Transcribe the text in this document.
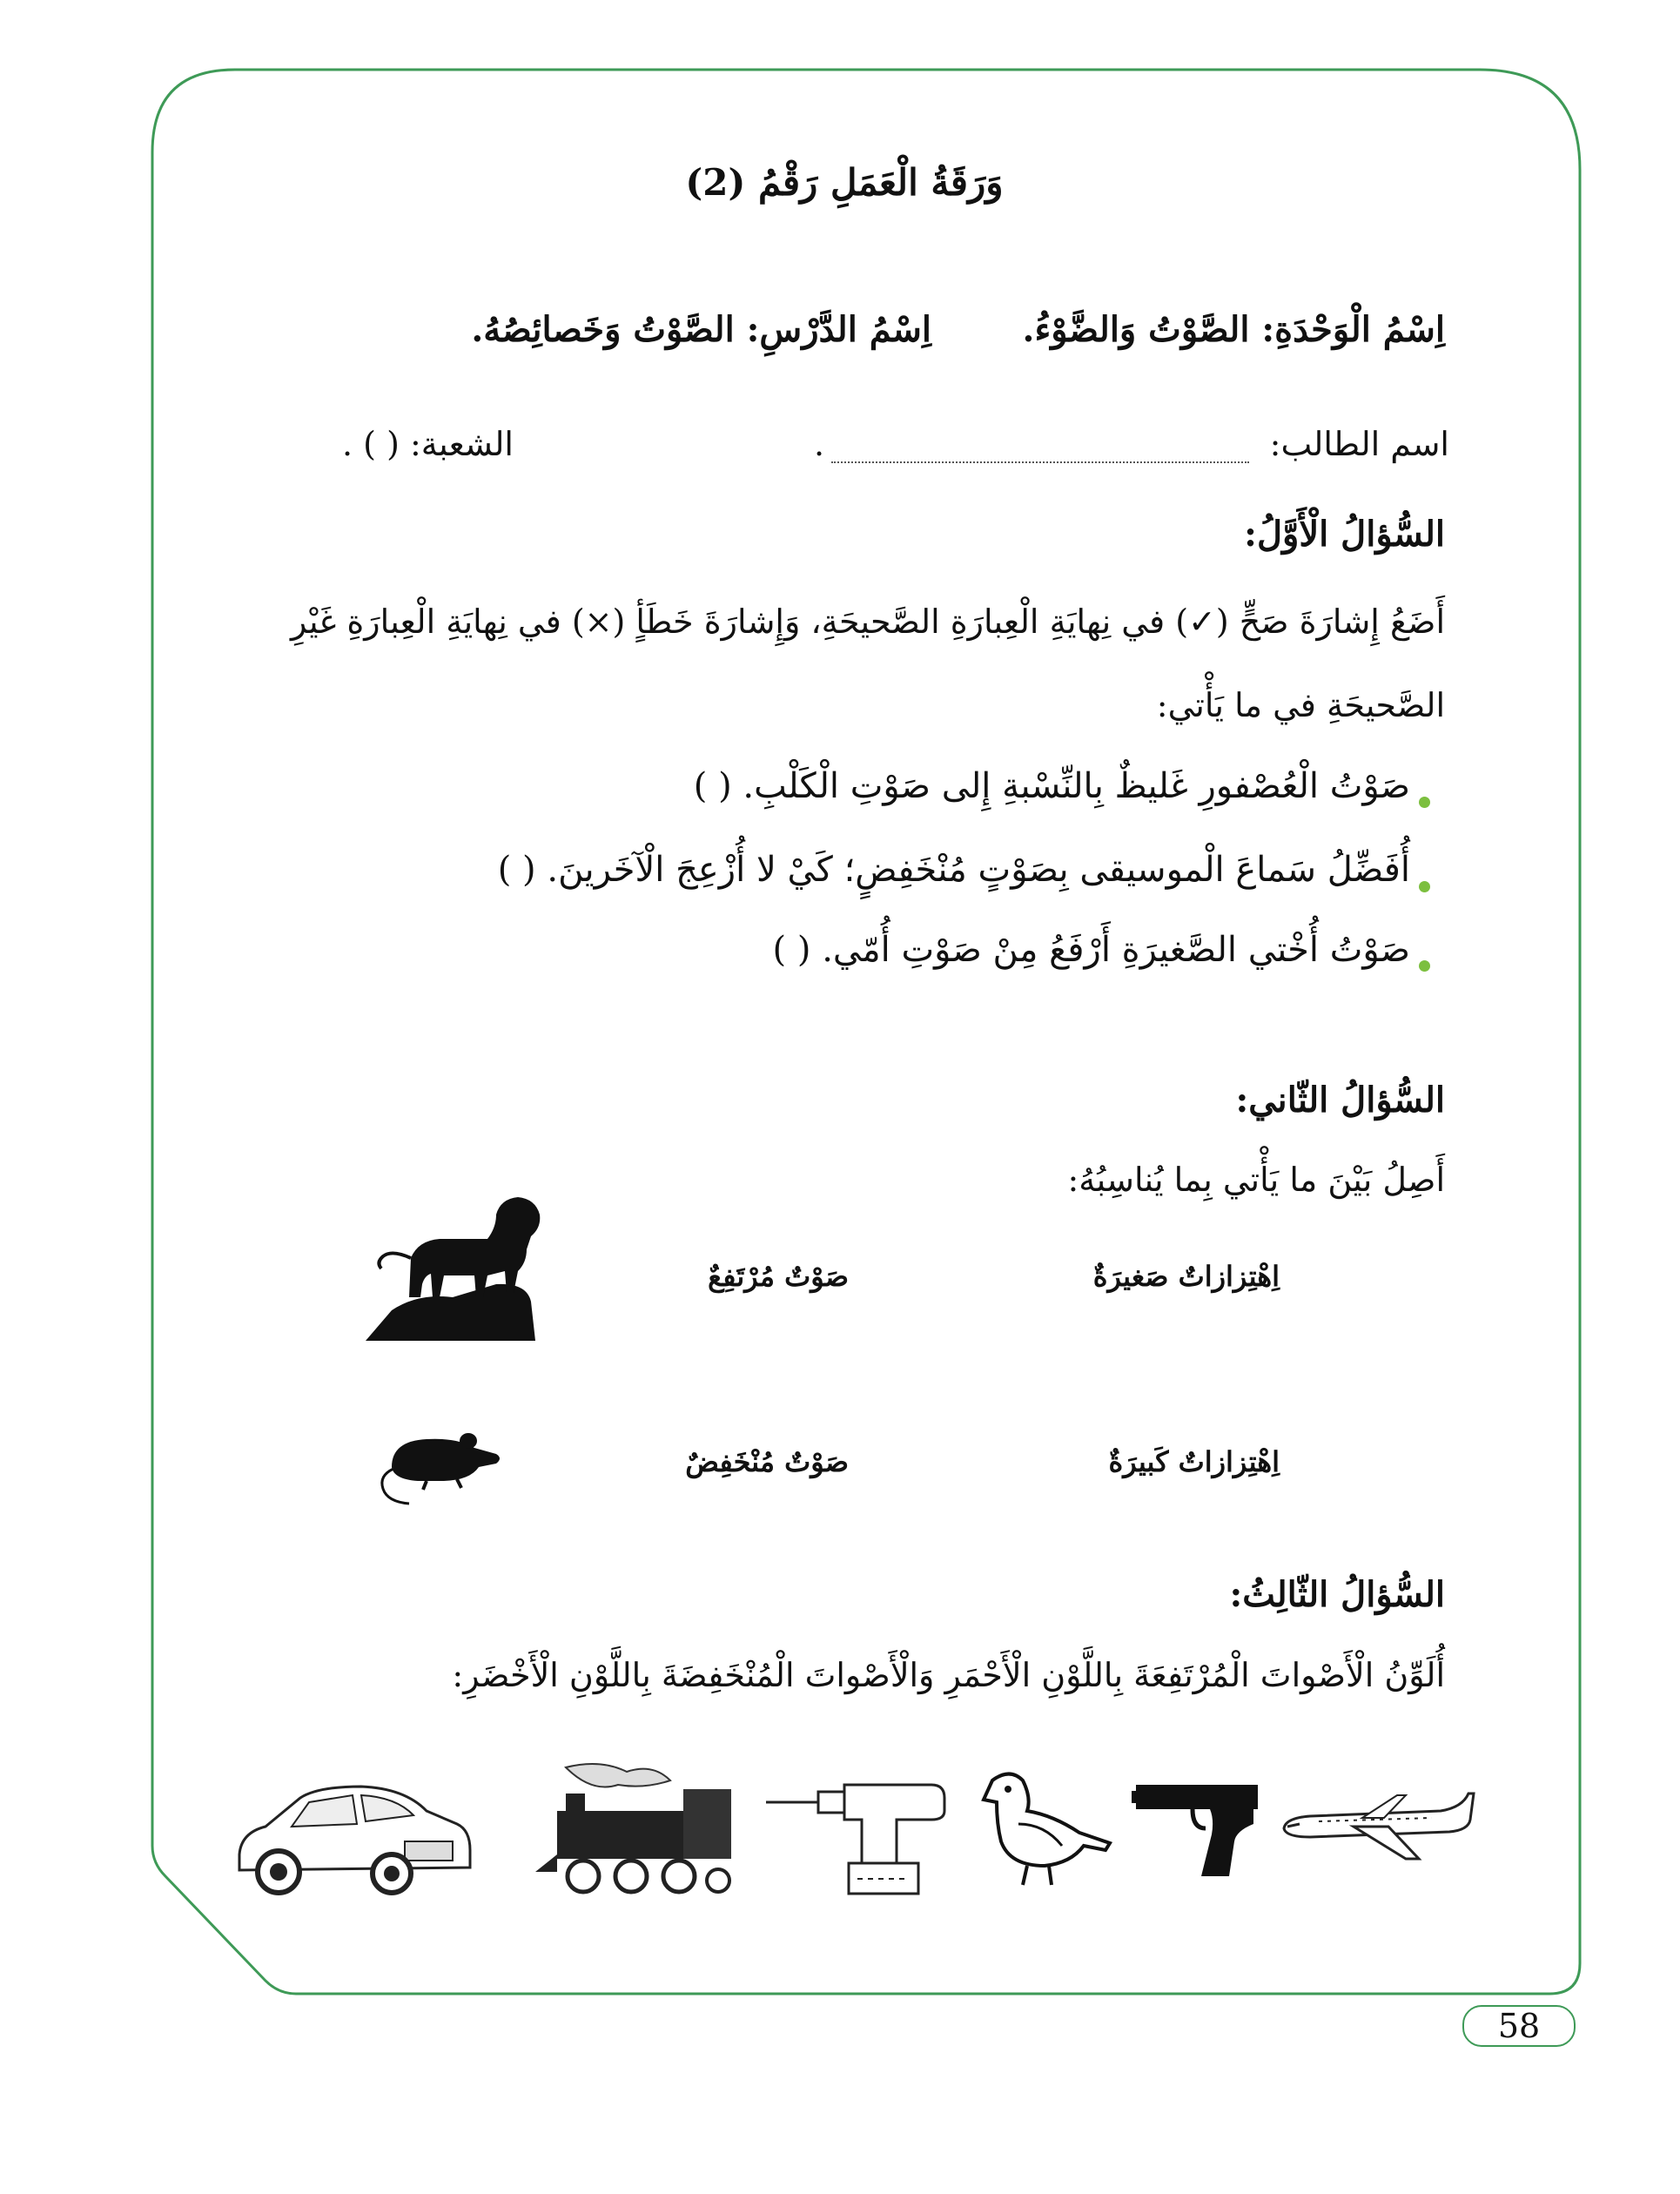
وَرَقَةُ الْعَمَلِ رَقْمُ (2)
اِسْمُ الْوَحْدَةِ: الصَّوْتُ وَالضَّوْءُ.
اِسْمُ الدَّرْسِ: الصَّوْتُ وَخَصائِصُهُ.
اسم الطالب:
.
الشعبة: ( ) .
السُّؤالُ الْأَوَّلُ:
أَضَعُ إِشارَةَ صَحٍّ (✓) في نِهايَةِ الْعِبارَةِ الصَّحيحَةِ، وَإِشارَةَ خَطَأٍ (×) في نِهايَةِ الْعِبارَةِ غَيْرِ
الصَّحيحَةِ في ما يَأْتي:
صَوْتُ الْعُصْفورِ غَليظٌ بِالنِّسْبةِ إِلى صَوْتِ الْكَلْبِ. ( )
أُفَضِّلُ سَماعَ الْموسيقى بِصَوْتٍ مُنْخَفِضٍ؛ كَيْ لا أُزْعِجَ الْآخَرينَ. ( )
صَوْتُ أُخْتي الصَّغيرَةِ أَرْفَعُ مِنْ صَوْتِ أُمّي. ( )
السُّؤالُ الثّاني:
أَصِلُ بَيْنَ ما يَأْتي بِما يُناسِبُهُ:
اِهْتِزازاتٌ صَغيرَةٌ
صَوْتٌ مُرْتَفِعٌ
اِهْتِزازاتٌ كَبيرَةٌ
صَوْتٌ مُنْخَفِضٌ
السُّؤالُ الثّالِثُ:
أُلَوِّنُ الْأَصْواتَ الْمُرْتَفِعَةَ بِاللَّوْنِ الْأَحْمَرِ وَالْأَصْواتَ الْمُنْخَفِضَةَ بِاللَّوْنِ الْأَخْضَرِ:
58
